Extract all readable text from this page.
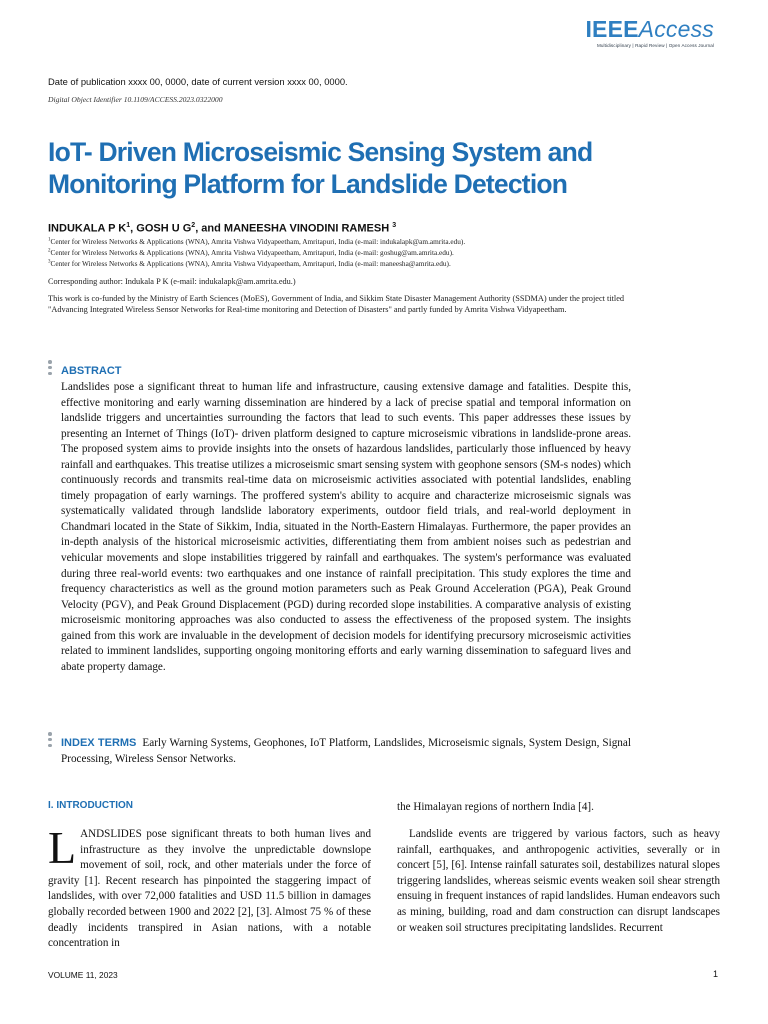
IEEEAccess
Multidisciplinary | Rapid Review | Open Access Journal
Date of publication xxxx 00, 0000, date of current version xxxx 00, 0000.
Digital Object Identifier 10.1109/ACCESS.2023.0322000
IoT- Driven Microseismic Sensing System and
Monitoring Platform for Landslide Detection
INDUKALA P $K^1$, GOSH U $G^2$, and MANEESHA VINODINI RAMESH $^3$
$^1$Center for Wireless Networks & Applications (WNA), Amrita Vishwa Vidyapeetham, Amritapuri, India (e-mail: indukalapk@am.amrita.edu).
$^2$Center for Wireless Networks & Applications (WNA), Amrita Vishwa Vidyapeetham, Amritapuri, India (e-mail: goshug@am.amrita.edu).
$^3$Center for Wireless Networks & Applications (WNA), Amrita Vishwa Vidyapeetham, Amritapuri, India (e-mail: maneesha@amrita.edu).
Corresponding author: Indukala P K (e-mail: indukalapk@am.amrita.edu.)
This work is co-funded by the Ministry of Earth Sciences (MoES), Government of India, and Sikkim State Disaster Management Authority (SSDMA) under the project titled "Advancing Integrated Wireless Sensor Networks for Real-time monitoring and Detection of Disasters" and partly funded by Amrita Vishwa Vidyapeetham.
ABSTRACT
Landslides pose a significant threat to human life and infrastructure, causing extensive damage and fatalities. Despite this, effective monitoring and early warning dissemination are hindered by a lack of precise spatial and temporal information on landslide triggers and uncertainties surrounding the factors that lead to such events. This paper addresses these issues by presenting an Internet of Things (IoT)- driven platform designed to capture microseismic vibrations in landslide-prone areas. The proposed system aims to provide insights into the onsets of hazardous landslides, particularly those influenced by heavy rainfall and earthquakes. This treatise utilizes a microseismic smart sensing system with geophone sensors (SM-s nodes) which continuously records and transmits real-time data on microseismic activities associated with potential landslides, enabling timely propagation of early warnings. The proffered system's ability to acquire and characterize microseismic signals was systematically validated through landslide laboratory experiments, outdoor field trials, and real-world deployment in Chandmari located in the State of Sikkim, India, situated in the North-Eastern Himalayas. Furthermore, the paper provides an in-depth analysis of the historical microseismic activities, differentiating them from ambient noises such as pedestrian and vehicular movements and slope instabilities triggered by rainfall and earthquakes. The system's performance was evaluated during three real-world events: two earthquakes and one instance of rainfall precipitation. This study explores the time and frequency characteristics as well as the ground motion parameters such as Peak Ground Acceleration (PGA), Peak Ground Velocity (PGV), and Peak Ground Displacement (PGD) during recorded slope instabilities. A comparative analysis of existing microseismic monitoring approaches was also conducted to assess the effectiveness of the proposed system. The insights gained from this work are invaluable in the development of decision models for identifying precursory microseismic activities related to imminent landslides, supporting ongoing monitoring efforts and early warning dissemination to safeguard lives and abate property damage.
INDEX TERMS Early Warning Systems, Geophones, IoT Platform, Landslides, Microseismic signals, System Design, Signal Processing, Wireless Sensor Networks.
I. INTRODUCTION
LANDSLIDES pose significant threats to both human lives and infrastructure as they involve the unpredictable downslope movement of soil, rock, and other materials under the force of gravity [1]. Recent research has pinpointed the staggering impact of landslides, with over 72,000 fatalities and USD 11.5 billion in damages globally recorded between 1900 and 2022 [2], [3]. Almost 75 % of these deadly incidents transpired in Asian nations, with a notable concentration in
the Himalayan regions of northern India [4].
Landslide events are triggered by various factors, such as heavy rainfall, earthquakes, and anthropogenic activities, severally or in concert [5], [6]. Intense rainfall saturates soil, destabilizes natural slopes triggering landslides, whereas seismic events weaken soil shear strength ensuing in frequent instances of rapid landslides. Human endeavors such as mining, building, road and dam construction can disrupt landscapes or weaken soil structures precipitating landslides. Recurrent
VOLUME 11, 2023	1
